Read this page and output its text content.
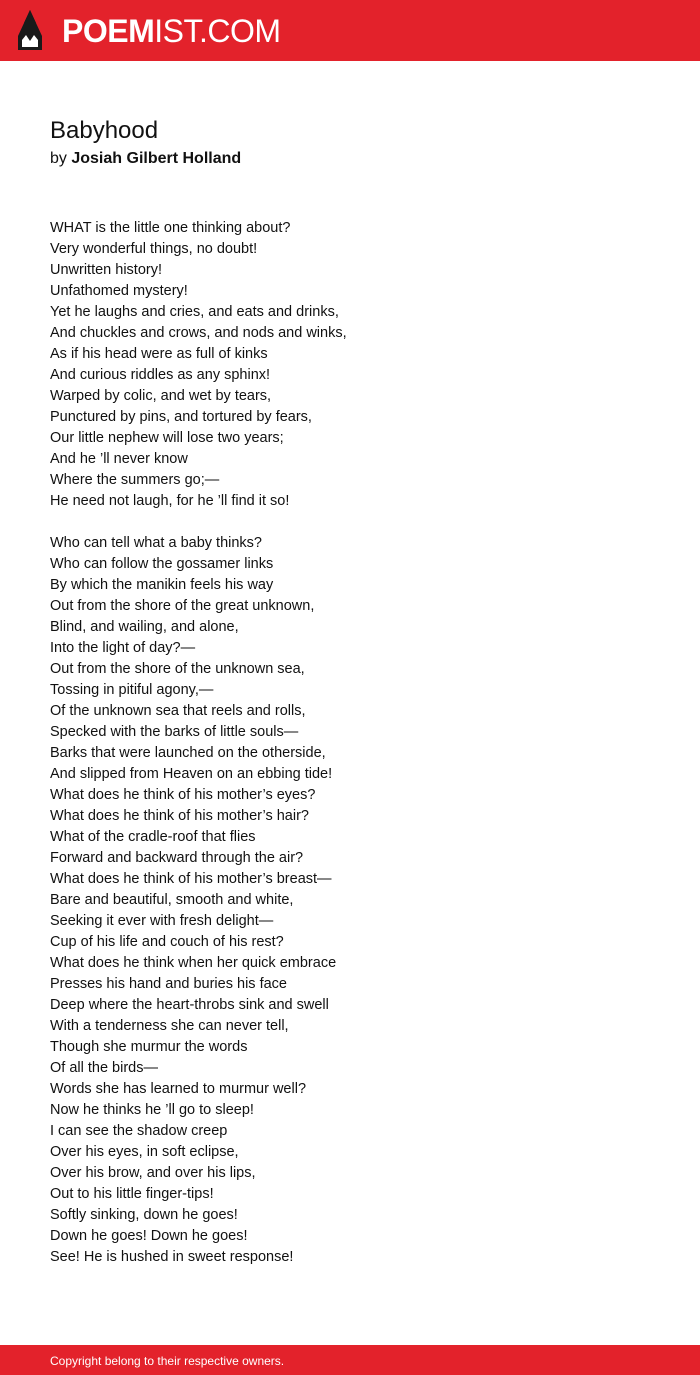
POEMIST.COM
Babyhood
by Josiah Gilbert Holland
WHAT is the little one thinking about?
Very wonderful things, no doubt!
Unwritten history!
Unfathomed mystery!
Yet he laughs and cries, and eats and drinks,
And chuckles and crows, and nods and winks,
As if his head were as full of kinks
And curious riddles as any sphinx!
Warped by colic, and wet by tears,
Punctured by pins, and tortured by fears,
Our little nephew will lose two years;
And he ’ll never know
Where the summers go;—
He need not laugh, for he ’ll find it so!
Who can tell what a baby thinks?
Who can follow the gossamer links
By which the manikin feels his way
Out from the shore of the great unknown,
Blind, and wailing, and alone,
Into the light of day?—
Out from the shore of the unknown sea,
Tossing in pitiful agony,—
Of the unknown sea that reels and rolls,
Specked with the barks of little souls—
Barks that were launched on the otherside,
And slipped from Heaven on an ebbing tide!
What does he think of his mother’s eyes?
What does he think of his mother’s hair?
What of the cradle-roof that flies
Forward and backward through the air?
What does he think of his mother’s breast—
Bare and beautiful, smooth and white,
Seeking it ever with fresh delight—
Cup of his life and couch of his rest?
What does he think when her quick embrace
Presses his hand and buries his face
Deep where the heart-throbs sink and swell
With a tenderness she can never tell,
Though she murmur the words
Of all the birds—
Words she has learned to murmur well?
Now he thinks he ’ll go to sleep!
I can see the shadow creep
Over his eyes, in soft eclipse,
Over his brow, and over his lips,
Out to his little finger-tips!
Softly sinking, down he goes!
Down he goes! Down he goes!
See! He is hushed in sweet response!
Copyright belong to their respective owners.
